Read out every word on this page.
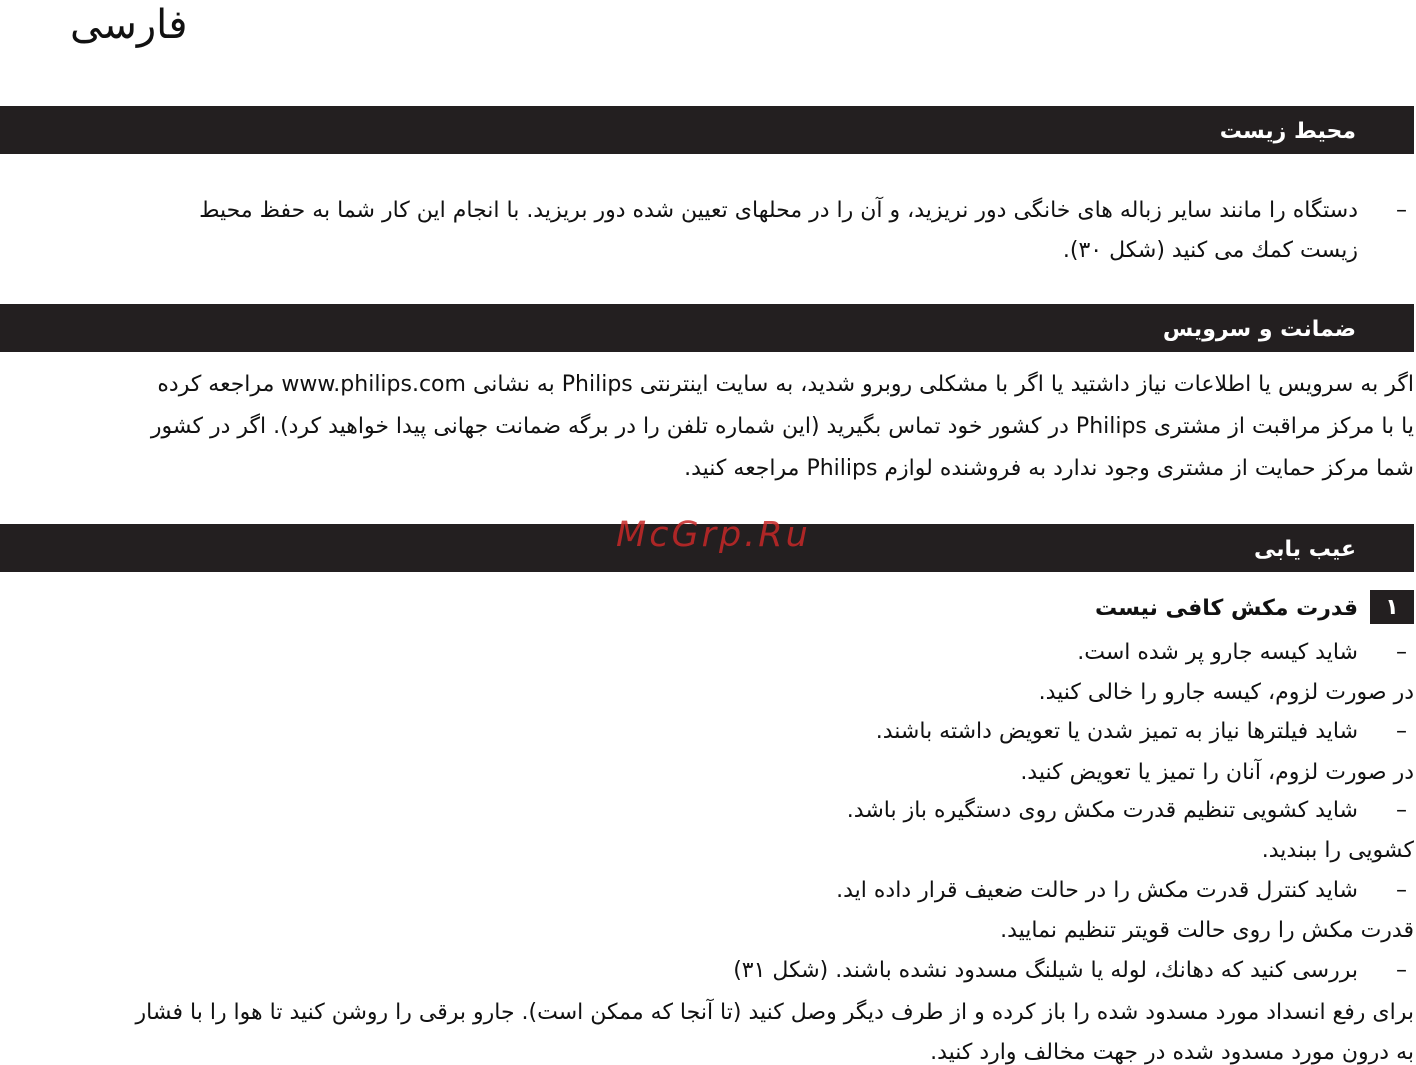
فارسی
محیط زیست
–
دستگاه را مانند سایر زباله های خانگی دور نریزید، و آن را در محلهای تعیین شده دور بریزید. با انجام این کار شما به حفظ محیط
زیست کمك می کنید (شکل ۳۰).
ضمانت و سرویس
اگر به سرویس یا اطلاعات نیاز داشتید یا اگر با مشکلی روبرو شدید، به سایت اینترنتی Philips به نشانی www.philips.com مراجعه کرده
یا با مرکز مراقبت از مشتری Philips در کشور خود تماس بگیرید (این شماره تلفن را در برگه ضمانت جهانی پیدا خواهید کرد). اگر در کشور
شما مرکز حمایت از مشتری وجود ندارد به فروشنده لوازم Philips مراجعه کنید.
عیب یابی
McGrp.Ru
۱
قدرت مکش کافی نیست
–
شاید کیسه جارو پر شده است.
در صورت لزوم، کیسه جارو را خالی کنید.
–
شاید فیلترها نیاز به تمیز شدن یا تعویض داشته باشند.
در صورت لزوم، آنان را تمیز یا تعویض کنید.
–
شاید کشویی تنظیم قدرت مکش روی دستگیره باز باشد.
کشویی را ببندید.
–
شاید کنترل قدرت مکش را در حالت ضعیف قرار داده اید.
قدرت مکش را روی حالت قویتر تنظیم نمایید.
–
بررسی کنید که دهانك، لوله یا شیلنگ مسدود نشده باشند. (شکل ۳۱)
برای رفع انسداد مورد مسدود شده را باز کرده و از طرف دیگر وصل کنید (تا آنجا که ممکن است). جارو برقی را روشن کنید تا هوا را با فشار
به درون مورد مسدود شده در جهت مخالف وارد کنید.
